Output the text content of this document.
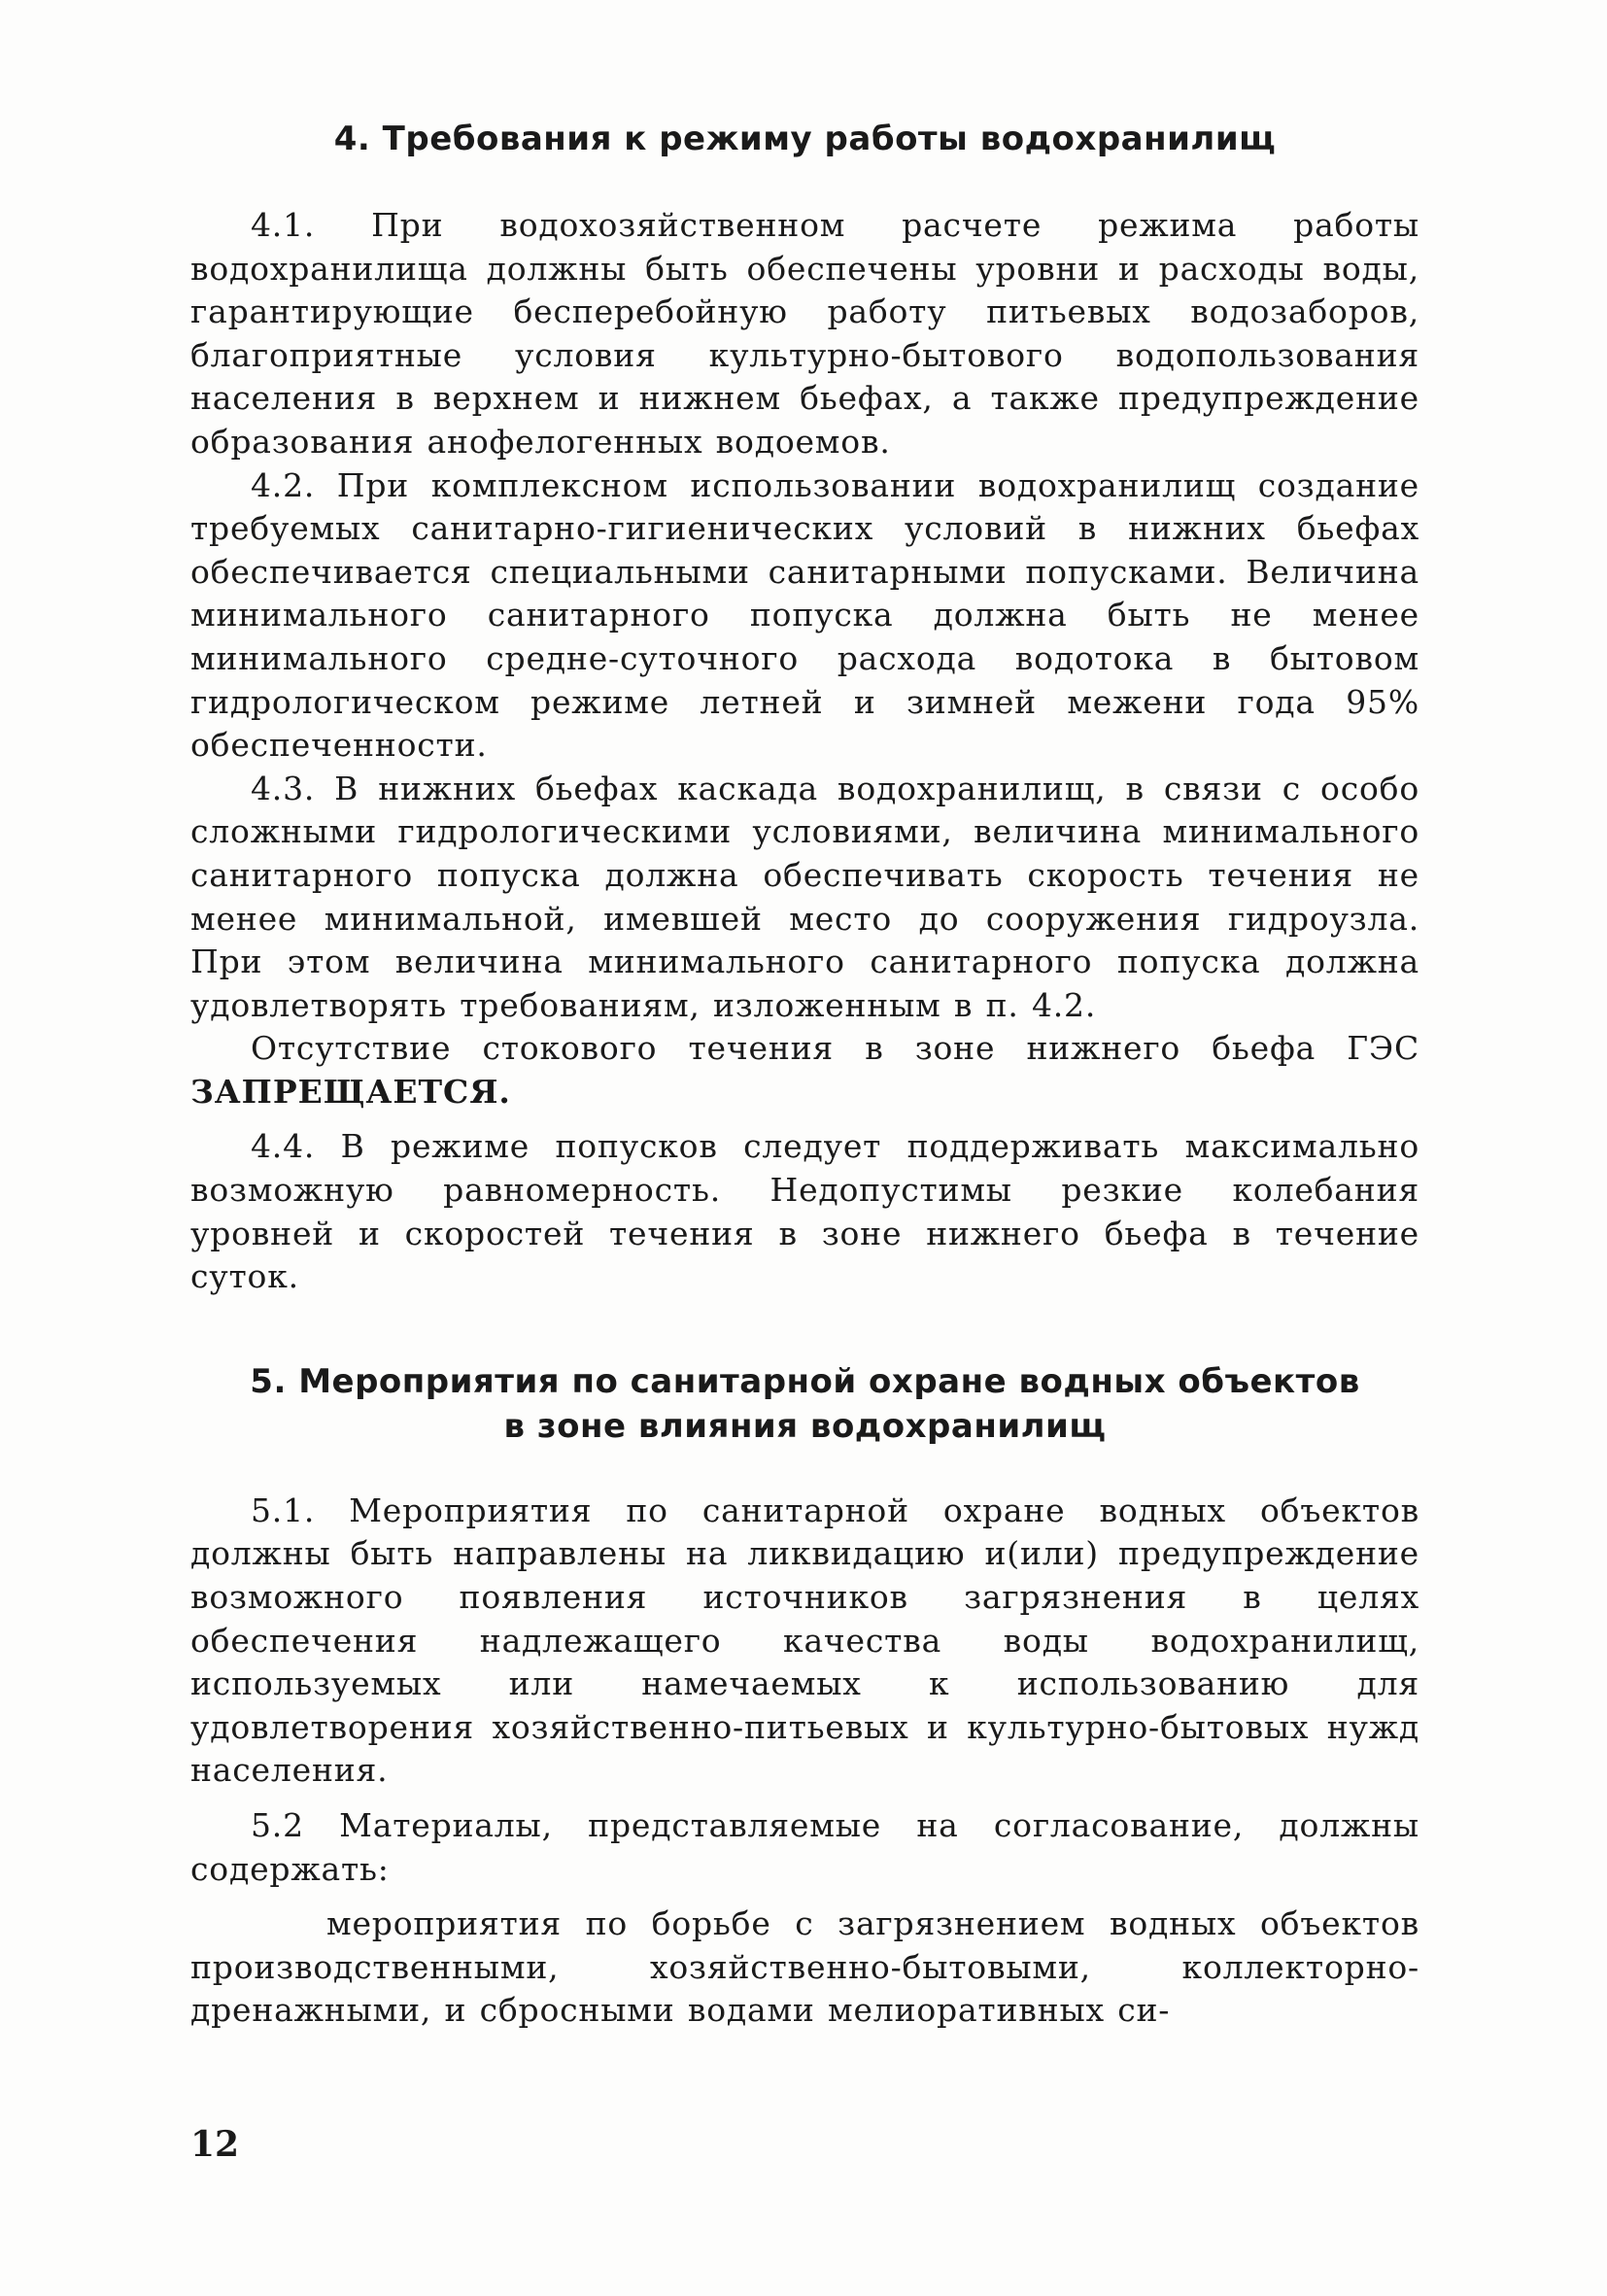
4. Требования к режиму работы водохранилищ

4.1. При водохозяйственном расчете режима работы водохранилища должны быть обеспечены уровни и расходы воды, гарантирующие бесперебойную работу питьевых водозаборов, благоприятные условия культурно-бытового водопользования населения в верхнем и нижнем бьефах, а также предупреждение образования анофелогенных водоемов.

4.2. При комплексном использовании водохранилищ создание требуемых санитарно-гигиенических условий в нижних бьефах обеспечивается специальными санитарными попусками. Величина минимального санитарного попуска должна быть не менее минимального средне-суточного расхода водотока в бытовом гидрологическом режиме летней и зимней межени года 95% обеспеченности.

4.3. В нижних бьефах каскада водохранилищ, в связи с особо сложными гидрологическими условиями, величина минимального санитарного попуска должна обеспечивать скорость течения не менее минимальной, имевшей место до сооружения гидроузла. При этом величина минимального санитарного попуска должна удовлетворять требованиям, изложенным в п. 4.2.

Отсутствие стокового течения в зоне нижнего бьефа ГЭС ЗАПРЕЩАЕТСЯ.

4.4. В режиме попусков следует поддерживать максимально возможную равномерность. Недопустимы резкие колебания уровней и скоростей течения в зоне нижнего бьефа в течение суток.

5. Мероприятия по санитарной охране водных объектов
в зоне влияния водохранилищ

5.1. Мероприятия по санитарной охране водных объектов должны быть направлены на ликвидацию и(или) предупреждение возможного появления источников загрязнения в целях обеспечения надлежащего качества воды водохранилищ, используемых или намечаемых к использованию для удовлетворения хозяйственно-питьевых и культурно-бытовых нужд населения.

5.2 Материалы, представляемые на согласование, должны содержать:

мероприятия по борьбе с загрязнением водных объектов производственными, хозяйственно-бытовыми, коллекторно-дренажными, и сбросными водами мелиоративных си-

12
